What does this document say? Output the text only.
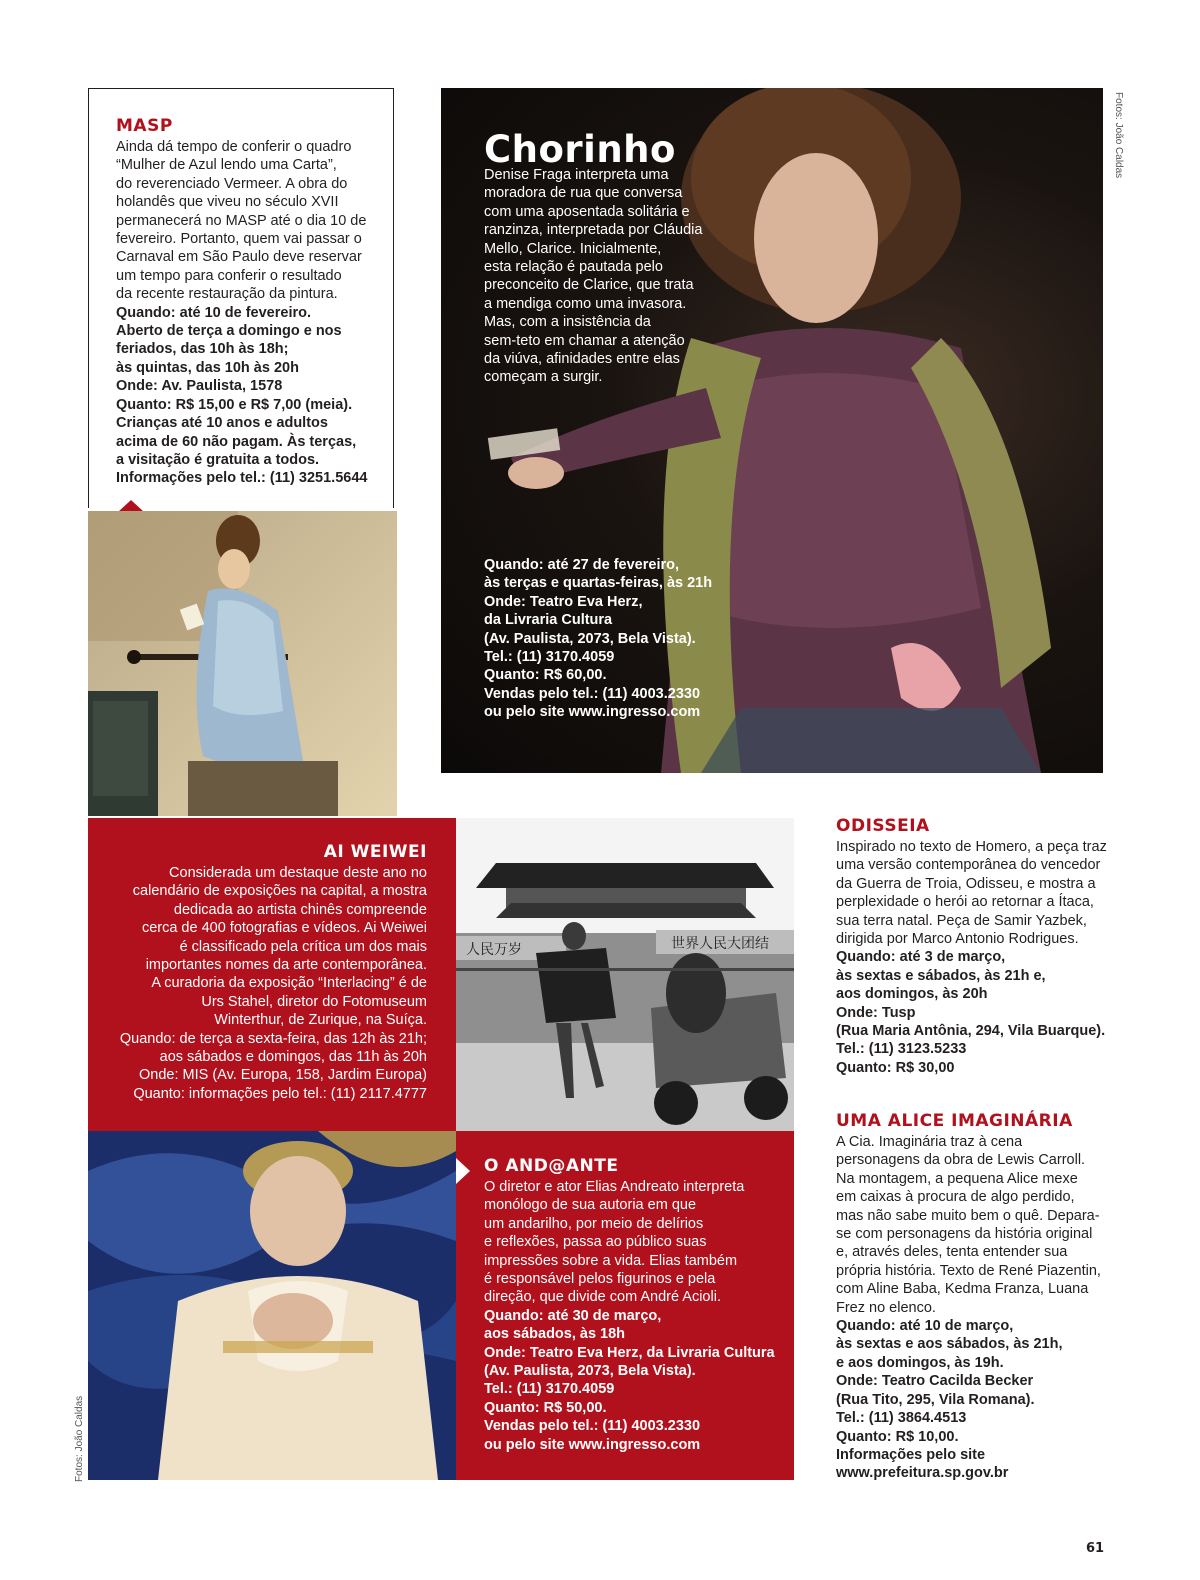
MASP

Ainda dá tempo de conferir o quadro
“Mulher de Azul lendo uma Carta”,
do reverenciado Vermeer. A obra do
holandês que viveu no século XVII
permanecerá no MASP até o dia 10 de
fevereiro. Portanto, quem vai passar o
Carnaval em São Paulo deve reservar
um tempo para conferir o resultado
da recente restauração da pintura.

Quando: até 10 de fevereiro.
Aberto de terça a domingo e nos
feriados, das 10h às 18h;
às quintas, das 10h às 20h
Onde: Av. Paulista, 1578
Quanto: R$ 15,00 e R$ 7,00 (meia).
Crianças até 10 anos e adultos
acima de 60 não pagam. Às terças,
a visitação é gratuita a todos.
Informações pelo tel.: (11) 3251.5644

Chorinho

Denise Fraga interpreta uma
moradora de rua que conversa
com uma aposentada solitária e
ranzinza, interpretada por Cláudia
Mello, Clarice. Inicialmente,
esta relação é pautada pelo
preconceito de Clarice, que trata
a mendiga como uma invasora.
Mas, com a insistência da
sem-teto em chamar a atenção
da viúva, afinidades entre elas
começam a surgir.

Quando: até 27 de fevereiro,
às terças e quartas-feiras, às 21h
Onde: Teatro Eva Herz,
da Livraria Cultura
(Av. Paulista, 2073, Bela Vista).
Tel.: (11) 3170.4059
Quanto: R$ 60,00.
Vendas pelo tel.: (11) 4003.2330
ou pelo site www.ingresso.com

Fotos: João Caldas

AI WEIWEI

Considerada um destaque deste ano no
calendário de exposições na capital, a mostra
dedicada ao artista chinês compreende
cerca de 400 fotografias e vídeos. Ai Weiwei
é classificado pela crítica um dos mais
importantes nomes da arte contemporânea.
A curadoria da exposição “Interlacing” é de
Urs Stahel, diretor do Fotomuseum
Winterthur, de Zurique, na Suíça.
Quando: de terça a sexta-feira, das 12h às 21h;
aos sábados e domingos, das 11h às 20h
Onde: MIS (Av. Europa, 158, Jardim Europa)
Quanto: informações pelo tel.: (11) 2117.4777

人民万岁	世界人民大团结

O AND@ANTE

O diretor e ator Elias Andreato interpreta
monólogo de sua autoria em que
um andarilho, por meio de delírios
e reflexões, passa ao público suas
impressões sobre a vida. Elias também
é responsável pelos figurinos e pela
direção, que divide com André Acioli.

Quando: até 30 de março,
aos sábados, às 18h
Onde: Teatro Eva Herz, da Livraria Cultura
(Av. Paulista, 2073, Bela Vista).
Tel.: (11) 3170.4059
Quanto: R$ 50,00.
Vendas pelo tel.: (11) 4003.2330
ou pelo site www.ingresso.com

ODISSEIA

Inspirado no texto de Homero, a peça traz
uma versão contemporânea do vencedor
da Guerra de Troia, Odisseu, e mostra a
perplexidade o herói ao retornar a Ítaca,
sua terra natal. Peça de Samir Yazbek,
dirigida por Marco Antonio Rodrigues.

Quando: até 3 de março,
às sextas e sábados, às 21h e,
aos domingos, às 20h
Onde: Tusp
(Rua Maria Antônia, 294, Vila Buarque).
Tel.: (11) 3123.5233
Quanto: R$ 30,00

UMA ALICE IMAGINÁRIA

A Cia. Imaginária traz à cena
personagens da obra de Lewis Carroll.
Na montagem, a pequena Alice mexe
em caixas à procura de algo perdido,
mas não sabe muito bem o quê. Depara-
se com personagens da história original
e, através deles, tenta entender sua
própria história. Texto de René Piazentin,
com Aline Baba, Kedma Franza, Luana
Frez no elenco.

Quando: até 10 de março,
às sextas e aos sábados, às 21h,
e aos domingos, às 19h.
Onde: Teatro Cacilda Becker
(Rua Tito, 295, Vila Romana).
Tel.: (11) 3864.4513
Quanto: R$ 10,00.
Informações pelo site
www.prefeitura.sp.gov.br

Fotos: João Caldas

61
